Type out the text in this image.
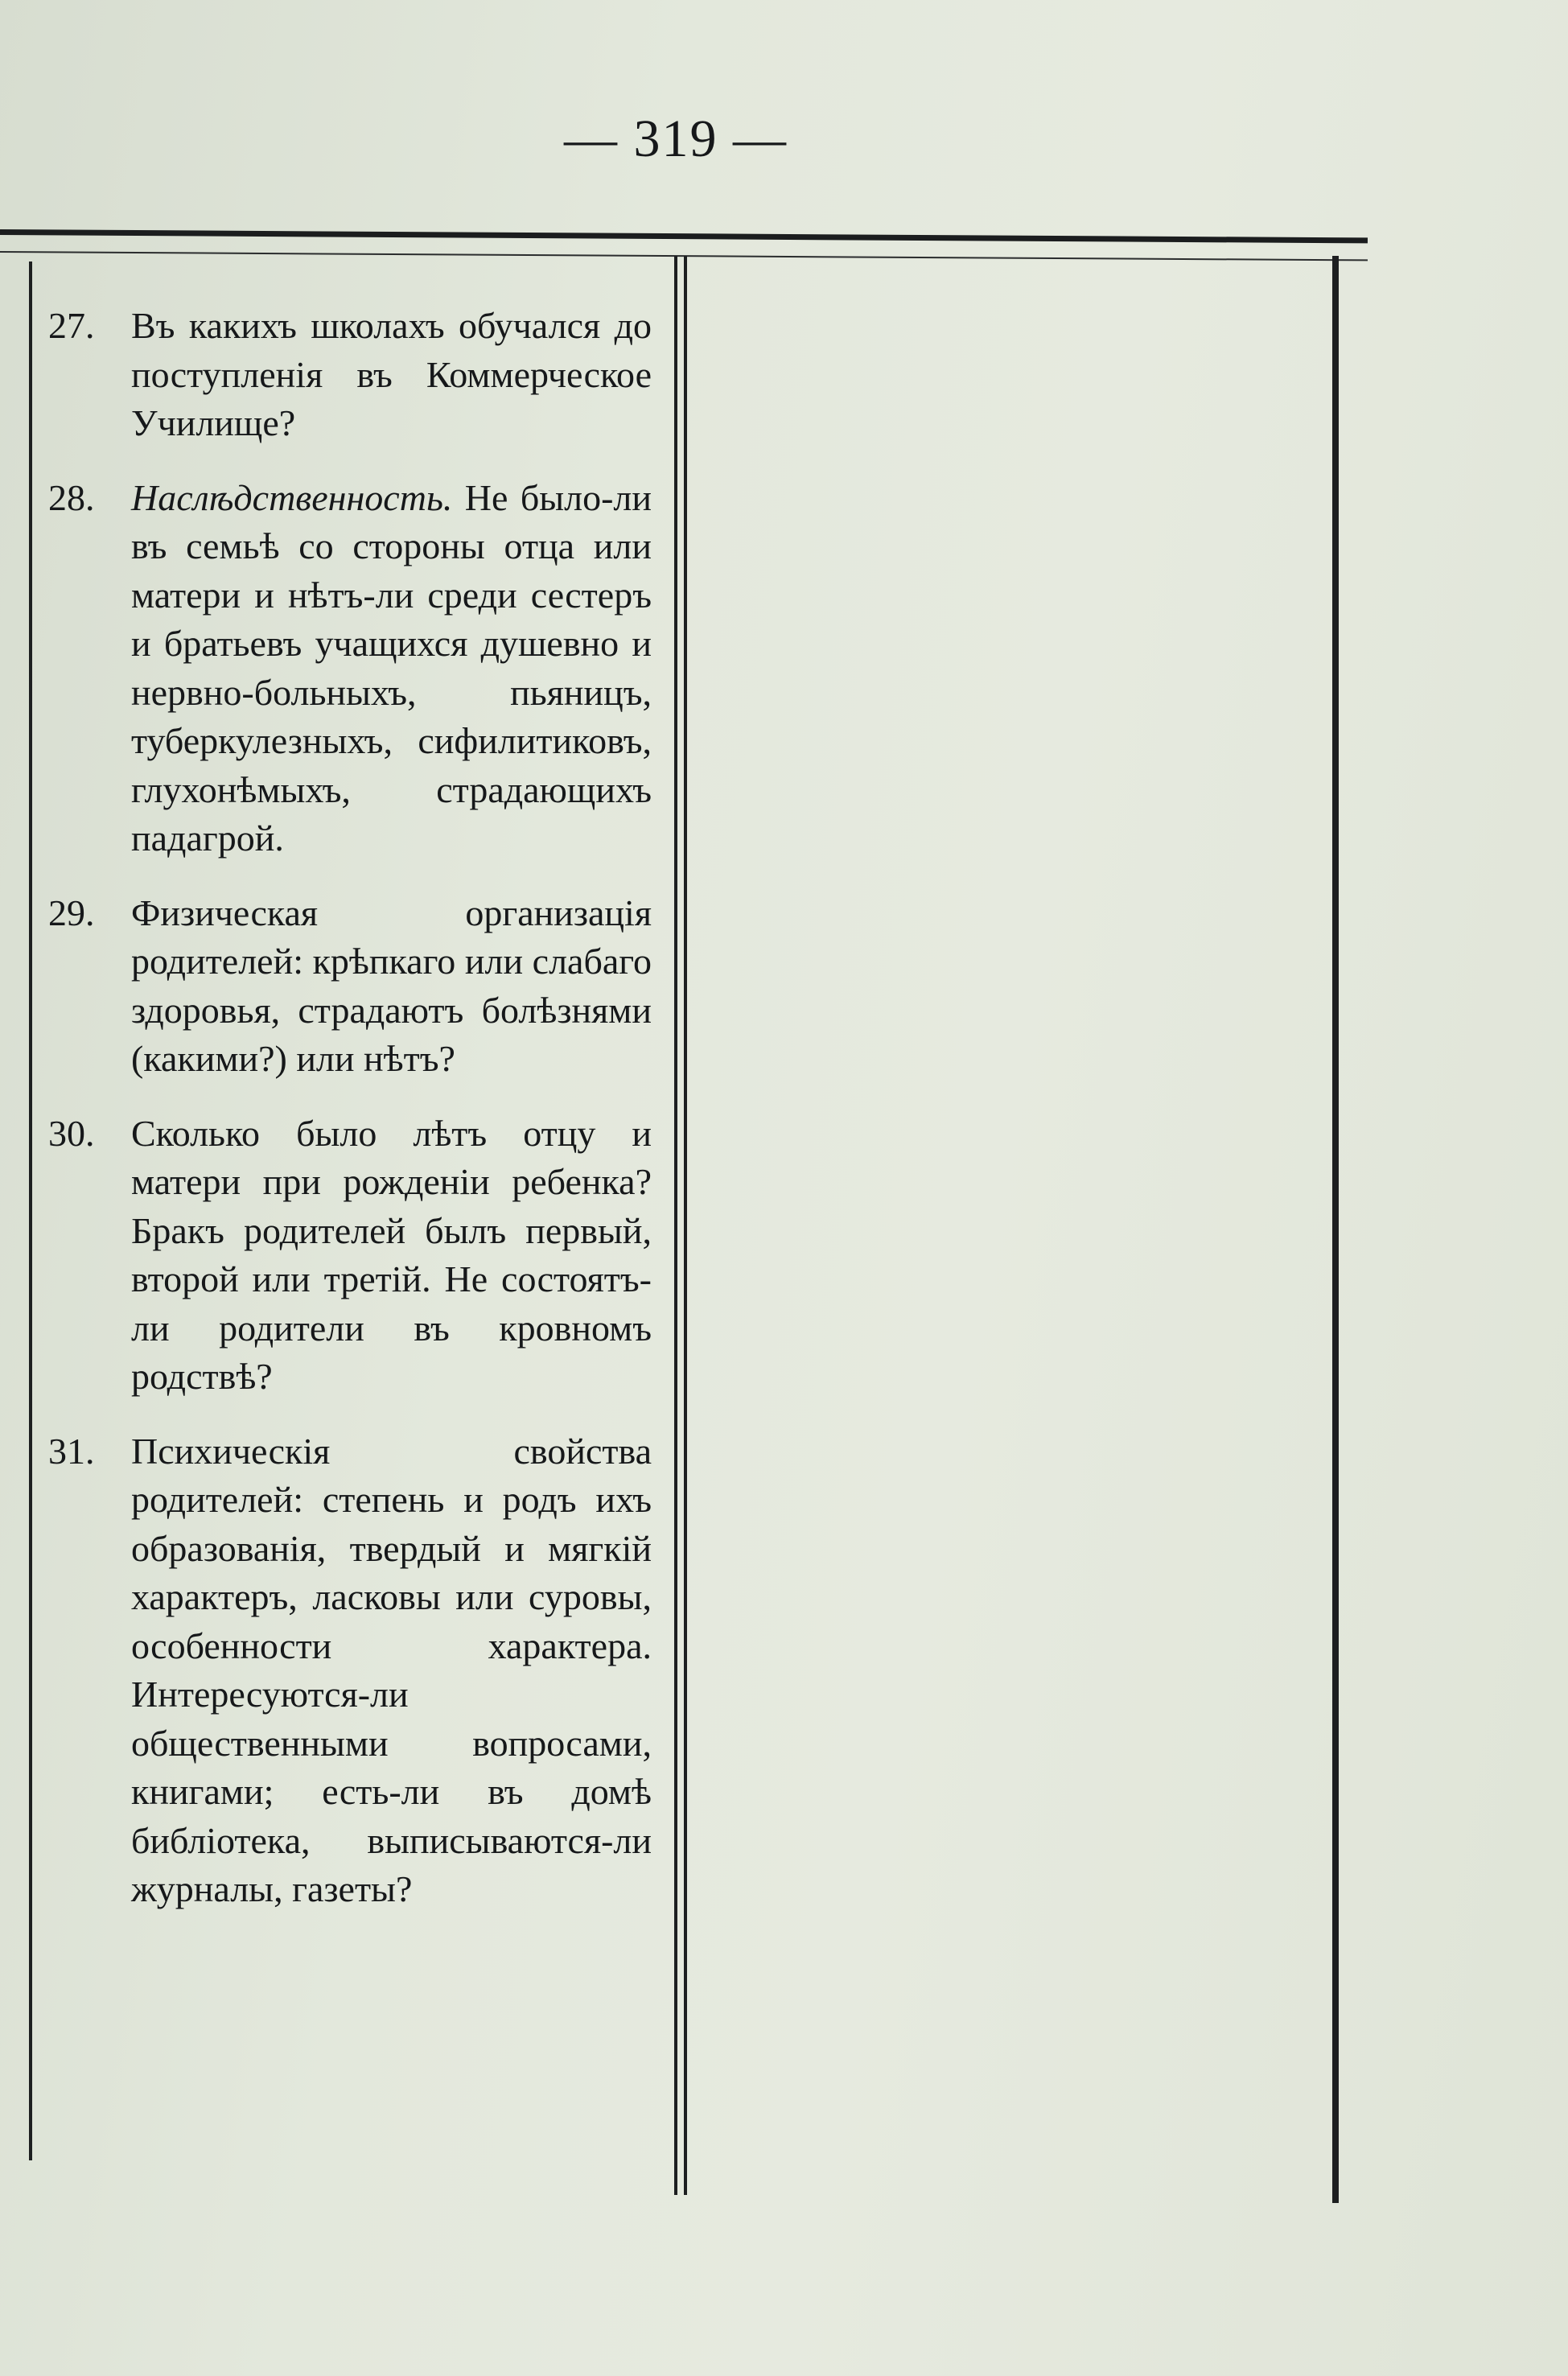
— 319 —
27. Въ какихъ школахъ обучался до поступленія въ Коммерческое Училище?
28. Наслѣдственность. Не было-ли въ семьѣ со стороны отца или матери и нѣтъ-ли среди сестеръ и братьевъ учащихся душевно и нервно-больныхъ, пьяницъ, туберкулезныхъ, сифилитиковъ, глухонѣмыхъ, страдающихъ падагрой.
29. Физическая организація родителей: крѣпкаго или слабаго здоровья, страдаютъ болѣзнями (какими?) или нѣтъ?
30. Сколько было лѣтъ отцу и матери при рожденіи ребенка? Бракъ родителей былъ первый, второй или третій. Не состоятъ-ли родители въ кровномъ родствѣ?
31. Психическія свойства родителей: степень и родъ ихъ образованія, твердый и мягкій характеръ, ласковы или суровы, особенности характера. Интересуются-ли общественными вопросами, книгами; есть-ли въ домѣ библіотека, выписываются-ли журналы, газеты?
